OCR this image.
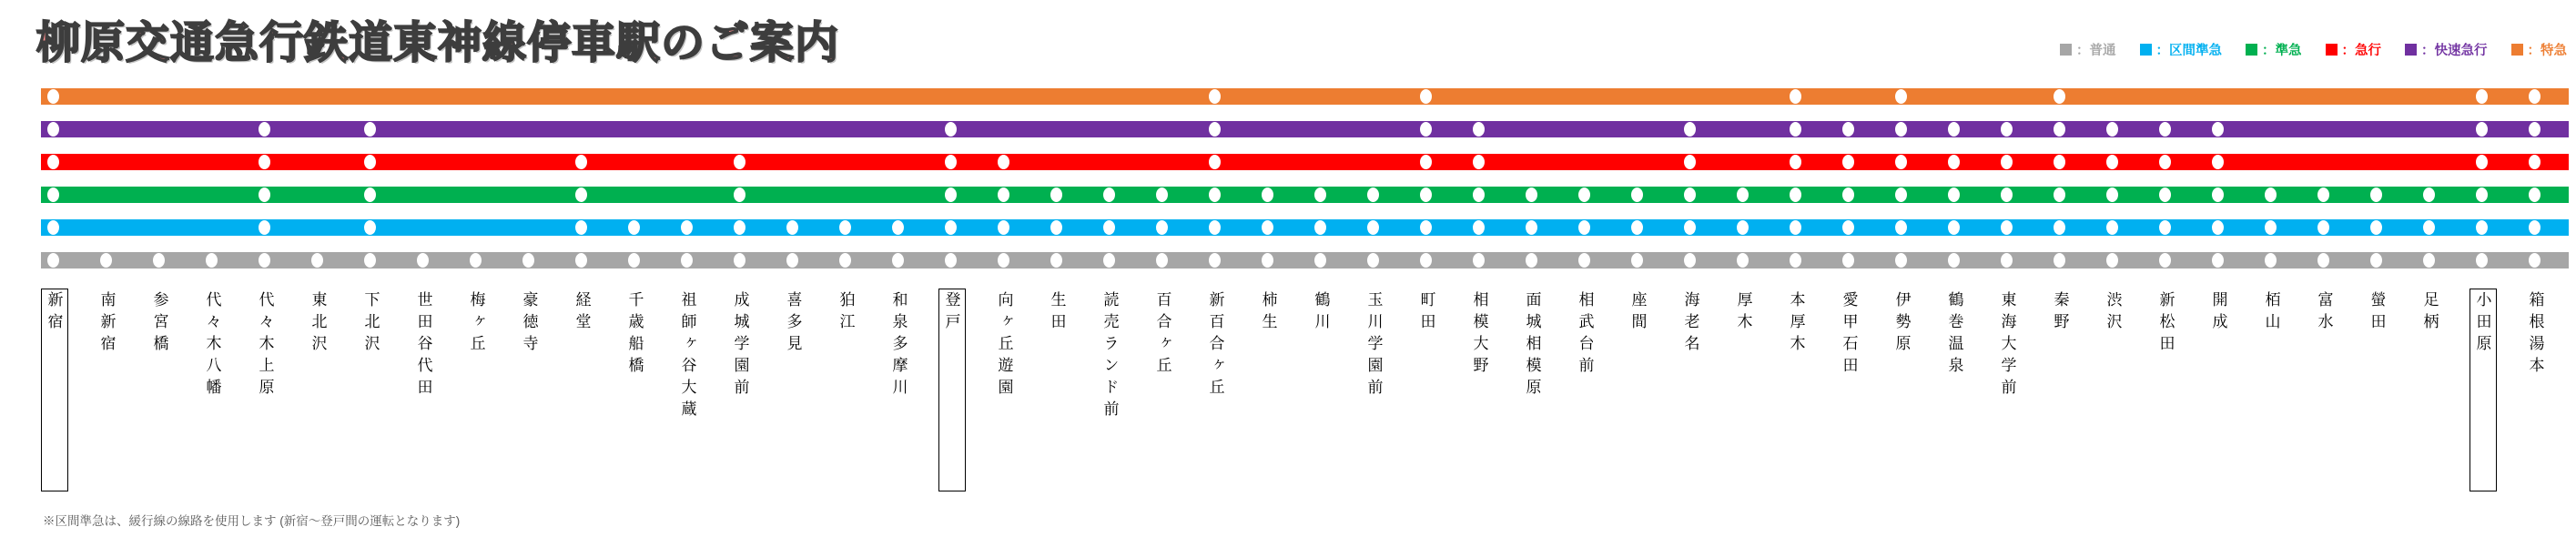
柳原交通急行鉄道東神線停車駅のご案内	：普通	：区間準急	：準急	：急行	：快速急行	：特急
新宿 南新宿 参宮橋 代々木八幡 代々木上原 東北沢 下北沢 世田谷代田 梅ヶ丘 豪徳寺 経堂 千歳船橋 祖師ヶ谷大蔵 成城学園前 喜多見 狛江 和泉多摩川 登戸 向ヶ丘遊園 生田 読売ランド前 百合ヶ丘 新百合ヶ丘 柿生 鶴川 玉川学園前 町田 相模大野 面城相模原 相武台前 座間 海老名 厚木 本厚木 愛甲石田 伊勢原 鶴巻温泉 東海大学前 秦野 渋沢 新松田 開成 栢山 富水 螢田 足柄 小田原 箱根湯本
※区間準急は、緩行線の線路を使用します (新宿〜登戸間の運転となります)
